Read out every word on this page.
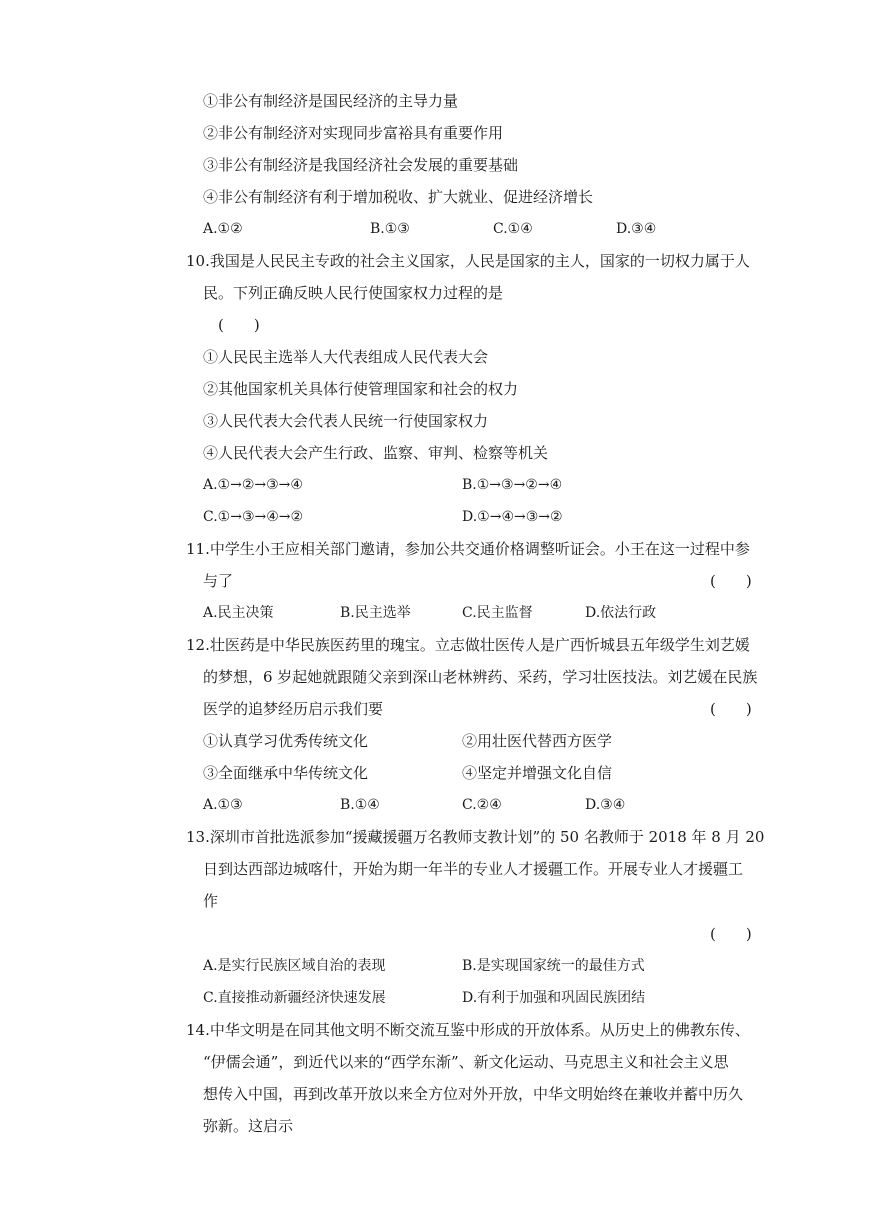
①非公有制经济是国民经济的主导力量
②非公有制经济对实现同步富裕具有重要作用
③非公有制经济是我国经济社会发展的重要基础
④非公有制经济有利于增加税收、扩大就业、促进经济增长
A.①②	B.①③	C.①④	D.③④
10.我国是人民民主专政的社会主义国家，人民是国家的主人，国家的一切权力属于人
民。下列正确反映人民行使国家权力过程的是
(　　)
①人民民主选举人大代表组成人民代表大会
②其他国家机关具体行使管理国家和社会的权力
③人民代表大会代表人民统一行使国家权力
④人民代表大会产生行政、监察、审判、检察等机关
A.①→②→③→④	B.①→③→②→④
C.①→③→④→②	D.①→④→③→②
11.中学生小王应相关部门邀请，参加公共交通价格调整听证会。小王在这一过程中参
与了	(　　)
A.民主决策	B.民主选举	C.民主监督	D.依法行政
12.壮医药是中华民族医药里的瑰宝。立志做壮医传人是广西忻城县五年级学生刘艺媛
的梦想，6 岁起她就跟随父亲到深山老林辨药、采药，学习壮医技法。刘艺媛在民族
医学的追梦经历启示我们要	(　　)
①认真学习优秀传统文化	②用壮医代替西方医学
③全面继承中华传统文化	④坚定并增强文化自信
A.①③	B.①④	C.②④	D.③④
13.深圳市首批选派参加“援藏援疆万名教师支教计划”的 50 名教师于 2018 年 8 月 20
日到达西部边城喀什，开始为期一年半的专业人才援疆工作。开展专业人才援疆工
作
(　　)
A.是实行民族区域自治的表现	B.是实现国家统一的最佳方式
C.直接推动新疆经济快速发展	D.有利于加强和巩固民族团结
14.中华文明是在同其他文明不断交流互鉴中形成的开放体系。从历史上的佛教东传、
“伊儒会通”，到近代以来的“西学东渐”、新文化运动、马克思主义和社会主义思
想传入中国，再到改革开放以来全方位对外开放，中华文明始终在兼收并蓄中历久
弥新。这启示
